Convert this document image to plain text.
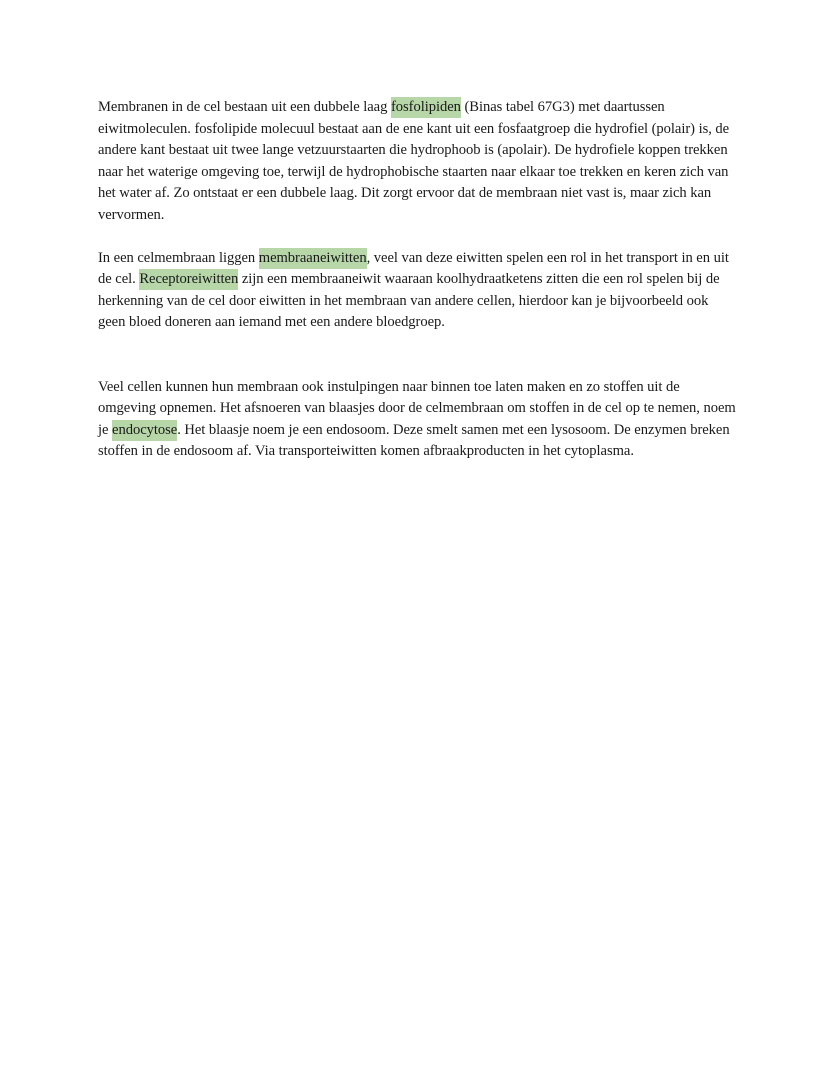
Membranen in de cel bestaan uit een dubbele laag fosfolipiden (Binas tabel 67G3) met daartussen eiwitmoleculen. fosfolipide molecuul bestaat aan de ene kant uit een fosfaatgroep die hydrofiel (polair) is, de andere kant bestaat uit twee lange vetzuurstaarten die hydrophoob is (apolair). De hydrofiele koppen trekken naar het waterige omgeving toe, terwijl de hydrophobische staarten naar elkaar toe trekken en keren zich van het water af. Zo ontstaat er een dubbele laag. Dit zorgt ervoor dat de membraan niet vast is, maar zich kan vervormen.

In een celmembraan liggen membraaneiwitten, veel van deze eiwitten spelen een rol in het transport in en uit de cel. Receptoreiwitten zijn een membraaneiwit waaraan koolhydraatketens zitten die een rol spelen bij de herkenning van de cel door eiwitten in het membraan van andere cellen, hierdoor kan je bijvoorbeeld ook geen bloed doneren aan iemand met een andere bloedgroep.

Veel cellen kunnen hun membraan ook instulpingen naar binnen toe laten maken en zo stoffen uit de omgeving opnemen. Het afsnoeren van blaasjes door de celmembraan om stoffen in de cel op te nemen, noem je endocytose. Het blaasje noem je een endosoom. Deze smelt samen met een lysosoom. De enzymen breken stoffen in de endosoom af. Via transporteiwitten komen afbraakproducten in het cytoplasma.
